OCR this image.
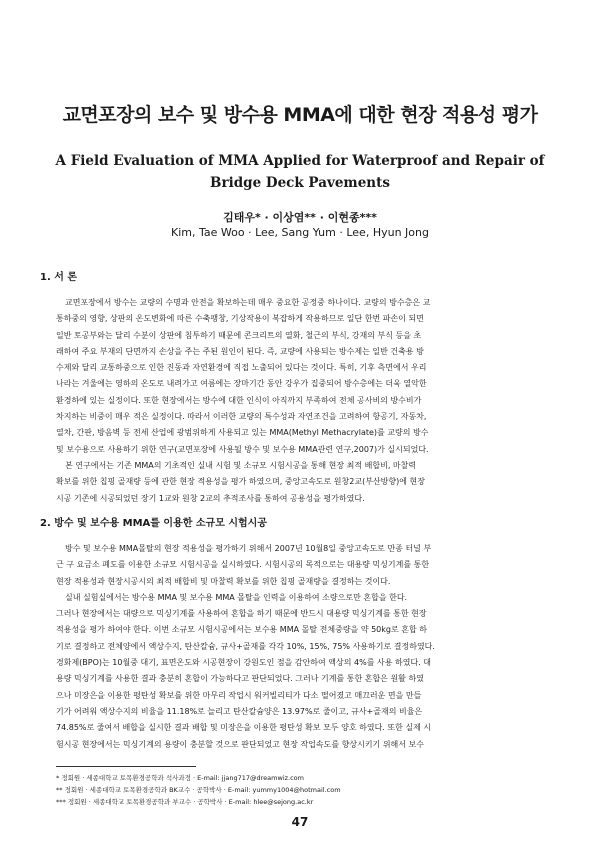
교면포장의 보수 및 방수용 MMA에 대한 현장 적용성 평가
A Field Evaluation of MMA Applied for Waterproof and Repair of
Bridge Deck Pavements
김태우* · 이상염** · 이현종***
Kim, Tae Woo · Lee, Sang Yum · Lee, Hyun Jong
1. 서 론
교면포장에서 방수는 교량의 수명과 안전을 확보하는데 매우 중요한 공정중 하나이다. 교량의 방수층은 교
통하중의 영향, 상판의 온도변화에 따른 수축팽창, 기상작용이 복잡하게 작용하므로 일단 한번 파손이 되면
일반 토공부와는 달리 수분이 상판에 침투하기 때문에 콘크리트의 열화, 철근의 부식, 강재의 부식 등을 초
래하여 주요 부재의 단면까지 손상을 주는 주된 원인이 된다. 즉, 교량에 사용되는 방수제는 일반 건축용 방
수제와 달리 교통하중으로 인한 진동과 자연환경에 직접 노출되어 있다는 것이다. 특히, 기후 측면에서 우리
나라는 겨울에는 영하의 온도로 내려가고 여름에는 장마기간 동안 강우가 집중되어 방수층에는 더욱 열악한
환경하에 있는 실정이다. 또한 현장에서는 방수에 대한 인식이 아직까지 부족하여 전체 공사비의 방수비가
차지하는 비중이 매우 적은 실정이다. 따라서 이러한 교량의 특수성과 자연조건을 고려하여 항공기, 자동차,
열차, 간판, 방음벽 등 전세 산업에 광범위하게 사용되고 있는 MMA(Methyl Methacrylate)를 교량의 방수
및 보수용으로 사용하기 위한 연구(교면포장에 사용될 방수 및 보수용 MMA관련 연구,2007)가 실시되었다.
본 연구에서는 기존 MMA의 기초적인 실내 시험 및 소규모 시험시공을 통해 현장 최적 배합비, 마찰력
확보를 위한 칩핑 골재량 등에 관한 현장 적용성을 평가 하였으며, 중앙고속도로 원창2교(부산방향)에 현장
시공 기존에 시공되었던 장기 1교와 원창 2교의 추적조사를 통하여 공용성을 평가하였다.
2. 방수 및 보수용 MMA를 이용한 소규모 시험시공
방수 및 보수용 MMA몰탈의 현장 적용성을 평가하기 위해서 2007년 10월8일 중앙고속도로 만종 터널 부
근 구 요금소 폐도를 이용한 소규모 시험시공을 실시하였다. 시험시공의 목적으로는 대용량 믹싱기계를 통한
현장 적용성과 현장시공시의 최적 배합비 및 마찰력 확보를 위한 칩핑 골재량을 결정하는 것이다.
실내 실험실에서는 방수용 MMA 및 보수용 MMA 몰탈을 인력을 이용하여 소량으로만 혼합을 한다.
그러나 현장에서는 대량으로 믹싱기계를 사용하여 혼합을 하기 때문에 반드시 대용량 믹싱기계를 통한 현장
적용성을 평가 하여야 한다. 이번 소규모 시험시공에서는 보수용 MMA 몰탈 전체중량을 약 50kg로 혼합 하
기로 결정하고 전체양에서 액상수지, 탄산칼슘, 규사+골재를 각각 10%, 15%, 75% 사용하기로 결정하였다.
경화제(BPO)는 10월중 대기, 표면온도와 시공현장이 강원도인 점을 감안하여 액상의 4%를 사용 하였다. 대
용량 믹싱기계를 사용한 결과 충분히 혼합이 가능하다고 판단되었다. 그러나 기계를 통한 혼합은 원활 하였
으나 미장은을 이용한 평탄성 확보를 위한 마무리 작업시 워커빌리티가 다소 떨어졌고 매끄러운 면을 만들
기가 어려워 액상수지의 비율을 11.18%로 늘리고 탄산칼슘양은 13.97%로 줄이고, 규사+골재의 비율은
74.85%로 줄여서 배합을 실시한 결과 배합 및 미장은을 이용한 평탄성 확보 모두 양호 하였다. 또한 실제 시
험시공 현장에서는 믹싱기계의 용량이 충분할 것으로 판단되었고 현장 작업속도를 향상시키기 위해서 보수
* 정회원 · 세종대학교 토목환경공학과 석사과정 · E-mail: jjang717@dreamwiz.com
** 정회원 · 세종대학교 토목환경공학과 BK교수 · 공학박사 · E-mail: yummy1004@hotmail.com
*** 정회원 · 세종대학교 토목환경공학과 부교수 · 공학박사 · E-mail: hlee@sejong.ac.kr
47
